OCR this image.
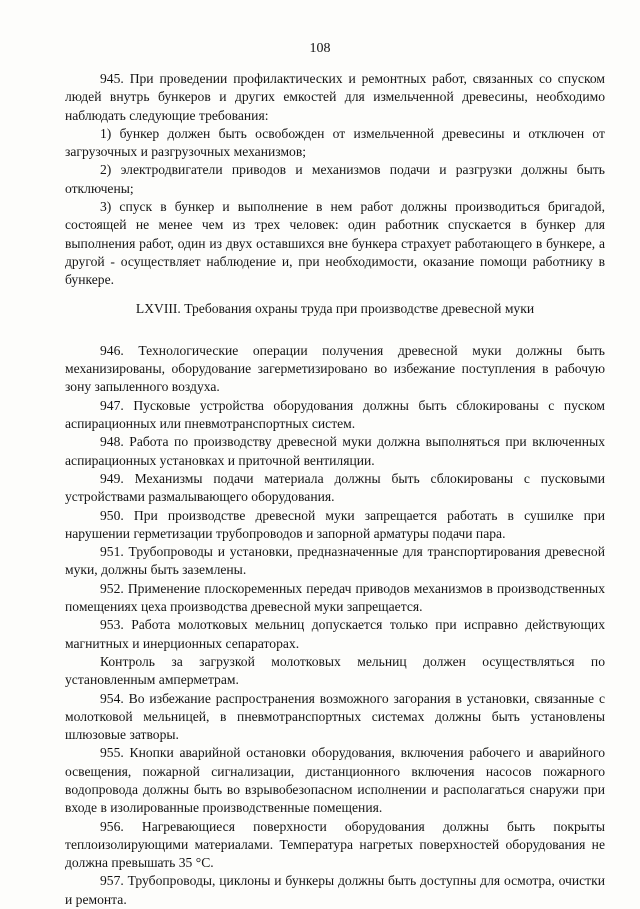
108

945. При проведении профилактических и ремонтных работ, связанных со спуском людей внутрь бункеров и других емкостей для измельченной древесины, необходимо наблюдать следующие требования:

1) бункер должен быть освобожден от измельченной древесины и отключен от загрузочных и разгрузочных механизмов;

2) электродвигатели приводов и механизмов подачи и разгрузки должны быть отключены;

3) спуск в бункер и выполнение в нем работ должны производиться бригадой, состоящей не менее чем из трех человек: один работник спускается в бункер для выполнения работ, один из двух оставшихся вне бункера страхует работающего в бункере, а другой - осуществляет наблюдение и, при необходимости, оказание помощи работнику в бункере.

LXVIII. Требования охраны труда при производстве древесной муки

946. Технологические операции получения древесной муки должны быть механизированы, оборудование загерметизировано во избежание поступления в рабочую зону запыленного воздуха.

947. Пусковые устройства оборудования должны быть сблокированы с пуском аспирационных или пневмотранспортных систем.

948. Работа по производству древесной муки должна выполняться при включенных аспирационных установках и приточной вентиляции.

949. Механизмы подачи материала должны быть сблокированы с пусковыми устройствами размалывающего оборудования.

950. При производстве древесной муки запрещается работать в сушилке при нарушении герметизации трубопроводов и запорной арматуры подачи пара.

951. Трубопроводы и установки, предназначенные для транспортирования древесной муки, должны быть заземлены.

952. Применение плоскоременных передач приводов механизмов в производственных помещениях цеха производства древесной муки запрещается.

953. Работа молотковых мельниц допускается только при исправно действующих магнитных и инерционных сепараторах.

Контроль за загрузкой молотковых мельниц должен осуществляться по установленным амперметрам.

954. Во избежание распространения возможного загорания в установки, связанные с молотковой мельницей, в пневмотранспортных системах должны быть установлены шлюзовые затворы.

955. Кнопки аварийной остановки оборудования, включения рабочего и аварийного освещения, пожарной сигнализации, дистанционного включения насосов пожарного водопровода должны быть во взрывобезопасном исполнении и располагаться снаружи при входе в изолированные производственные помещения.

956. Нагревающиеся поверхности оборудования должны быть покрыты теплоизолирующими материалами. Температура нагретых поверхностей оборудования не должна превышать 35 °С.

957. Трубопроводы, циклоны и бункеры должны быть доступны для осмотра, очистки и ремонта.
